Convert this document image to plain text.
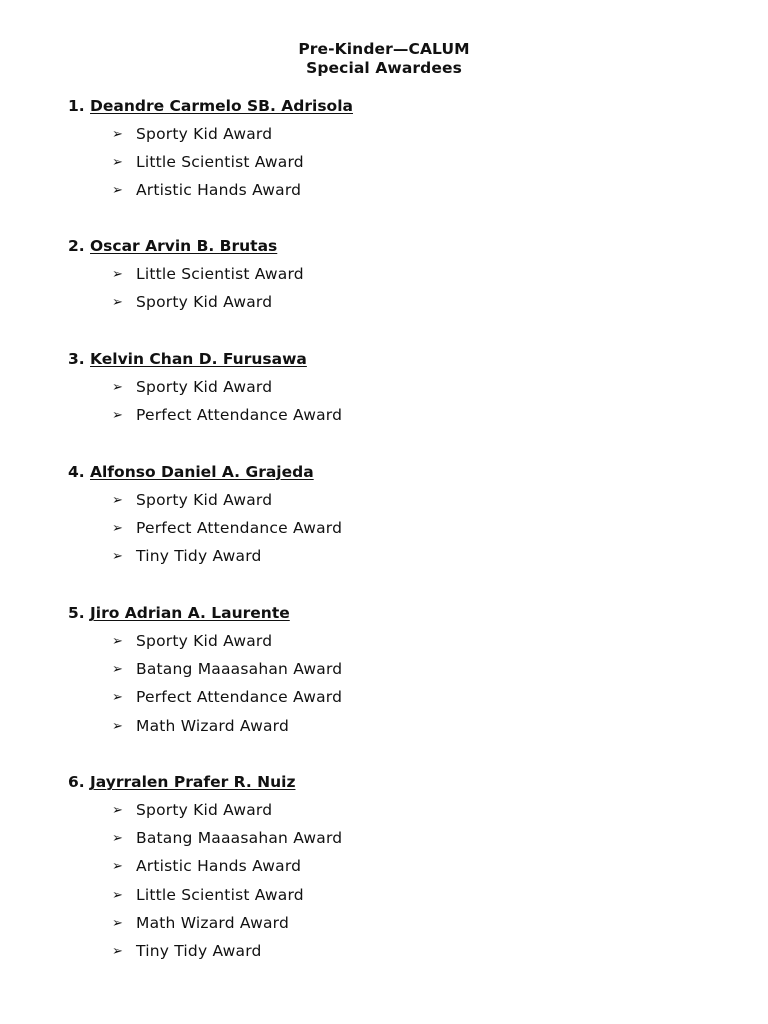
Pre-Kinder—CALUM
Special Awardees
1. Deandre Carmelo SB. Adrisola
➢ Sporty Kid Award
➢ Little Scientist Award
➢ Artistic Hands Award
2. Oscar Arvin B. Brutas
➢ Little Scientist Award
➢ Sporty Kid Award
3. Kelvin Chan D. Furusawa
➢ Sporty Kid Award
➢ Perfect Attendance Award
4. Alfonso Daniel A. Grajeda
➢ Sporty Kid Award
➢ Perfect Attendance Award
➢ Tiny Tidy Award
5. Jiro Adrian A. Laurente
➢ Sporty Kid Award
➢ Batang Maaasahan Award
➢ Perfect Attendance Award
➢ Math Wizard Award
6. Jayrralen Prafer R. Nuiz
➢ Sporty Kid Award
➢ Batang Maaasahan Award
➢ Artistic Hands Award
➢ Little Scientist Award
➢ Math Wizard Award
➢ Tiny Tidy Award
